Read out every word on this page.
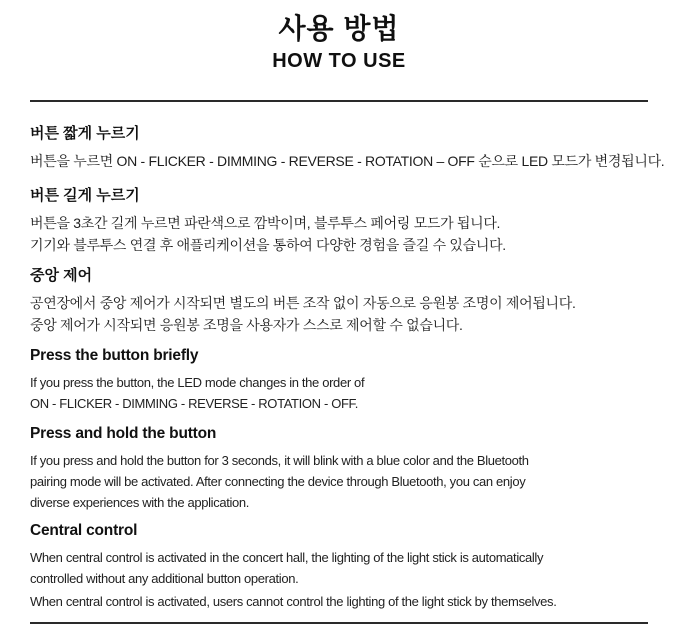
사용 방법
HOW TO USE
버튼 짧게 누르기

버튼을 누르면 ON - FLICKER - DIMMING - REVERSE - ROTATION – OFF 순으로 LED 모드가 변경됩니다.

버튼 길게 누르기

버튼을 3초간 길게 누르면 파란색으로 깜박이며, 블루투스 페어링 모드가 됩니다.
기기와 블루투스 연결 후 애플리케이션을 통하여 다양한 경험을 즐길 수 있습니다.

중앙 제어

공연장에서 중앙 제어가 시작되면 별도의 버튼 조작 없이 자동으로 응원봉 조명이 제어됩니다.
중앙 제어가 시작되면 응원봉 조명을 사용자가 스스로 제어할 수 없습니다.

Press the button briefly

If you press the button, the LED mode changes in the order of
ON - FLICKER - DIMMING - REVERSE - ROTATION - OFF.

Press and hold the button

If you press and hold the button for 3 seconds, it will blink with a blue color and the Bluetooth
pairing mode will be activated. After connecting the device through Bluetooth, you can enjoy
diverse experiences with the application.

Central control

When central control is activated in the concert hall, the lighting of the light stick is automatically
controlled without any additional button operation.

When central control is activated, users cannot control the lighting of the light stick by themselves.
